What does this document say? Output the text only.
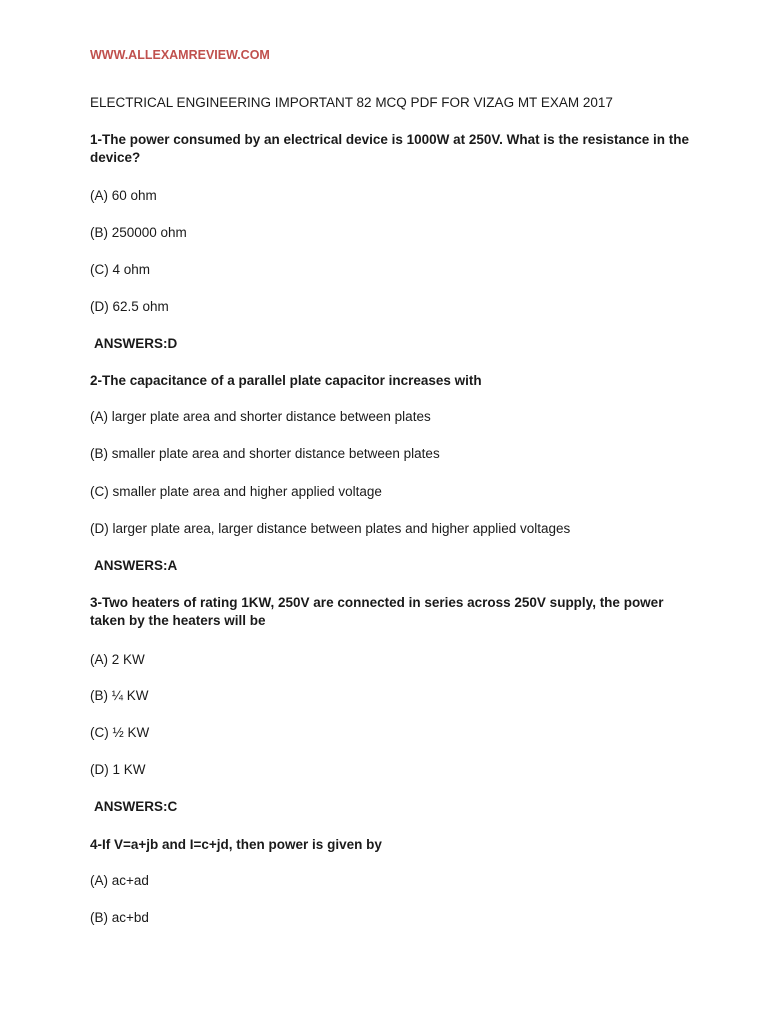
WWW.ALLEXAMREVIEW.COM
ELECTRICAL ENGINEERING IMPORTANT 82 MCQ PDF FOR VIZAG MT EXAM 2017
1-The power consumed by an electrical device is 1000W at 250V. What is the resistance in the device?
(A) 60 ohm
(B) 250000 ohm
(C) 4 ohm
(D) 62.5 ohm
ANSWERS:D
2-The capacitance of a parallel plate capacitor increases with
(A) larger plate area and shorter distance between plates
(B) smaller plate area and shorter distance between plates
(C) smaller plate area and higher applied voltage
(D) larger plate area, larger distance between plates and higher applied voltages
ANSWERS:A
3-Two heaters of rating 1KW, 250V are connected in series across 250V supply, the power taken by the heaters will be
(A) 2 KW
(B) ¼ KW
(C) ½ KW
(D) 1 KW
ANSWERS:C
4-If V=a+jb and I=c+jd, then power is given by
(A) ac+ad
(B) ac+bd
